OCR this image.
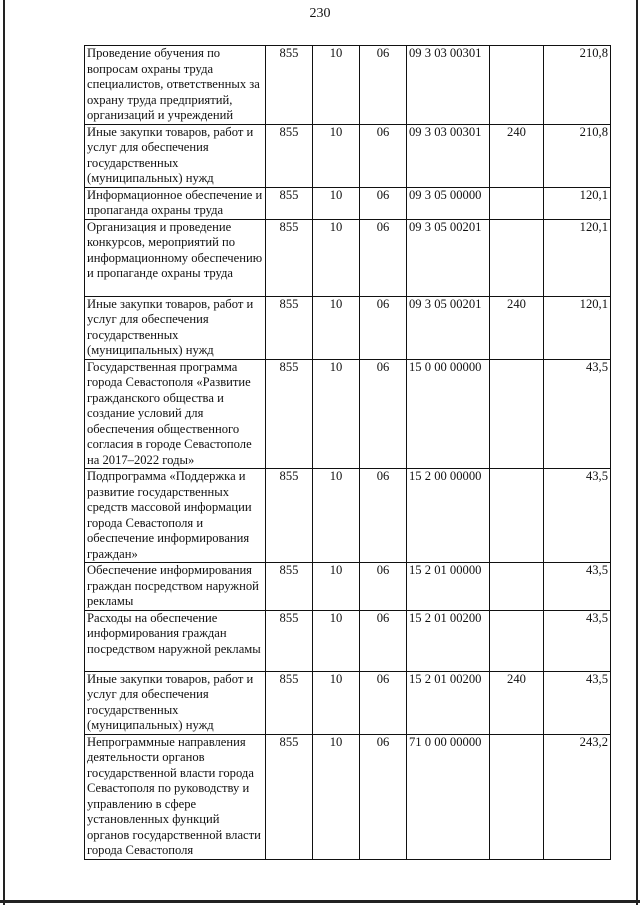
230
Проведение обучения по вопросам охраны труда специалистов, ответственных за охрану труда предприятий, организаций и учреждений	855	10	06	09 3 03 00301		210,8
Иные закупки товаров, работ и услуг для обеспечения государственных (муниципальных) нужд	855	10	06	09 3 03 00301	240	210,8
Информационное обеспечение и пропаганда охраны труда	855	10	06	09 3 05 00000		120,1
Организация и проведение конкурсов, мероприятий по информационному обеспечению и пропаганде охраны труда	855	10	06	09 3 05 00201		120,1
Иные закупки товаров, работ и услуг для обеспечения государственных (муниципальных) нужд	855	10	06	09 3 05 00201	240	120,1
Государственная программа города Севастополя «Развитие гражданского общества и создание условий для обеспечения общественного согласия в городе Севастополе на 2017–2022 годы»	855	10	06	15 0 00 00000		43,5
Подпрограмма «Поддержка и развитие государственных средств массовой информации города Севастополя и обеспечение информирования граждан»	855	10	06	15 2 00 00000		43,5
Обеспечение информирования граждан посредством наружной рекламы	855	10	06	15 2 01 00000		43,5
Расходы на обеспечение информирования граждан посредством наружной рекламы	855	10	06	15 2 01 00200		43,5
Иные закупки товаров, работ и услуг для обеспечения государственных (муниципальных) нужд	855	10	06	15 2 01 00200	240	43,5
Непрограммные направления деятельности органов государственной власти города Севастополя по руководству и управлению в сфере установленных функций органов государственной власти города Севастополя	855	10	06	71 0 00 00000		243,2
